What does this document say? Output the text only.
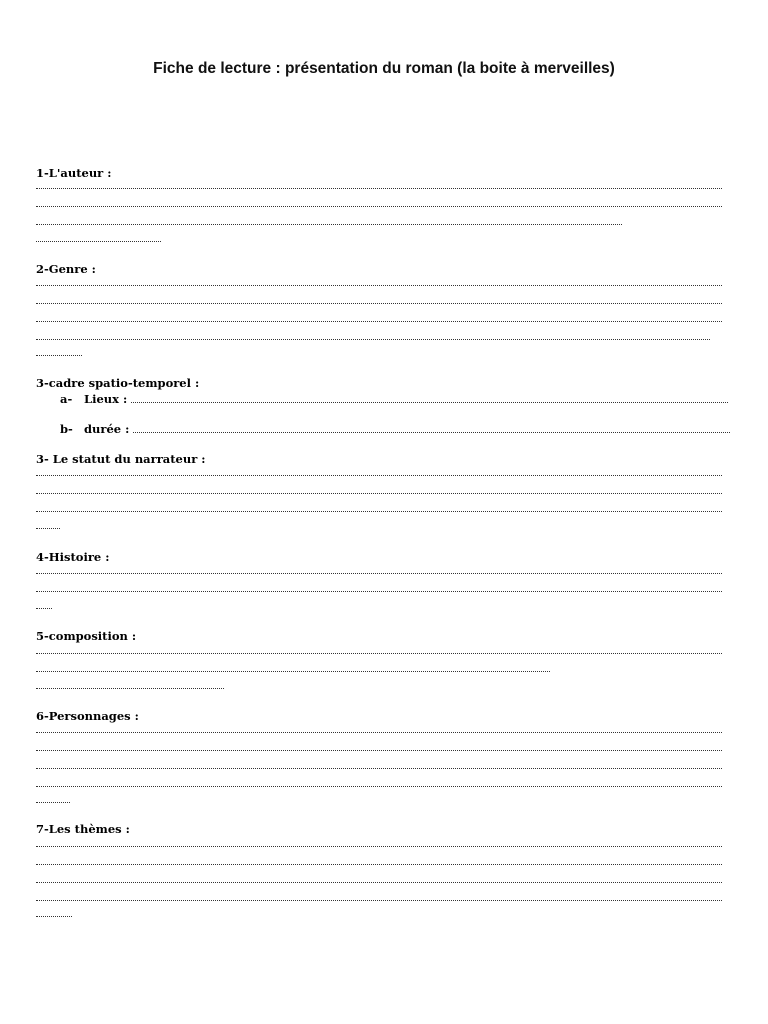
Fiche de lecture : présentation du roman (la boite à merveilles)
1-L'auteur :
2-Genre :
3-cadre spatio-temporel :
a-	Lieux :
b- durée :
3- Le statut du narrateur :
4-Histoire :
5-composition :
6-Personnages :
7-Les thèmes :
